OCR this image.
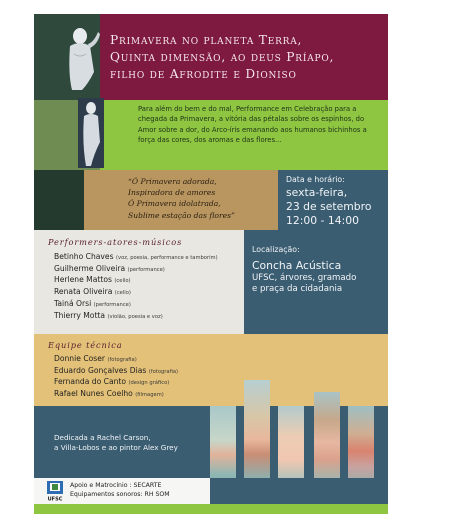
Primavera no planeta Terra,
Quinta dimensão, ao deus Príapo,
filho de Afrodite e Dioniso
Para além do bem e do mal, Performance em Celebração para a chegada da Primavera, a vitória das pétalas sobre os espinhos, do Amor sobre a dor, do Arco-íris emanando aos humanos bichinhos a força das cores, dos aromas e das flores...
“Ó Primavera adorada,
Inspiradora de amores
Ó Primavera idolatrada,
Sublime estação das flores”
Data e horário:
sexta-feira,
23 de setembro
12:00 - 14:00
Performers-atores-músicos
Betinho Chaves (voz, poesia, performance e tamborim)
Guilherme Oliveira (performance)
Herlene Mattos (cello)
Renata Oliveira (cello)
Tainá Orsi (performance)
Thierry Motta (violão, poesia e voz)
Localização:
Concha Acústica
UFSC, árvores, gramado
e praça da cidadania
Equipe técnica
Donnie Coser (fotografia)
Eduardo Gonçalves Dias (fotografia)
Fernanda do Canto (design gráfico)
Rafael Nunes Coelho (filmagem)
Dedicada a Rachel Carson,
a Villa-Lobos e ao pintor Alex Grey
UFSC
Apoio e Matrocínio : SECARTE
Equipamentos sonoros: RH SOM
